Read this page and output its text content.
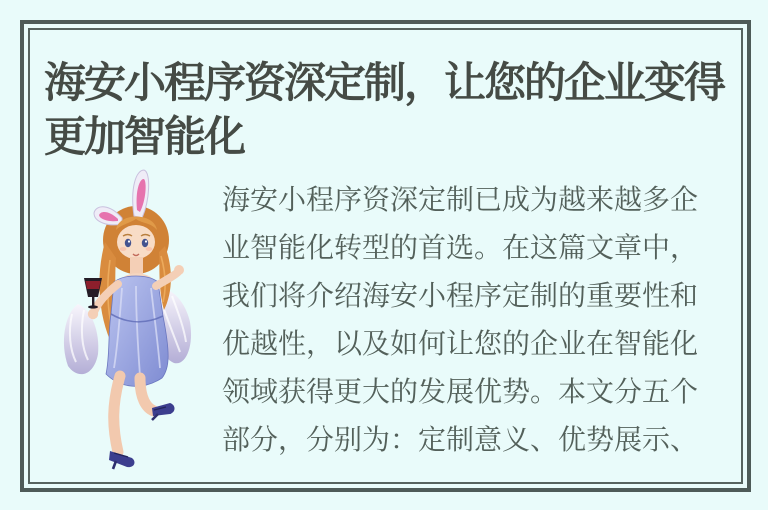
海安小程序资深定制，让您的企业变得
更加智能化
海安小程序资深定制已成为越来越多企
业智能化转型的首选。在这篇文章中，
我们将介绍海安小程序定制的重要性和
优越性，以及如何让您的企业在智能化
领域获得更大的发展优势。本文分五个
部分，分别为：定制意义、优势展示、
